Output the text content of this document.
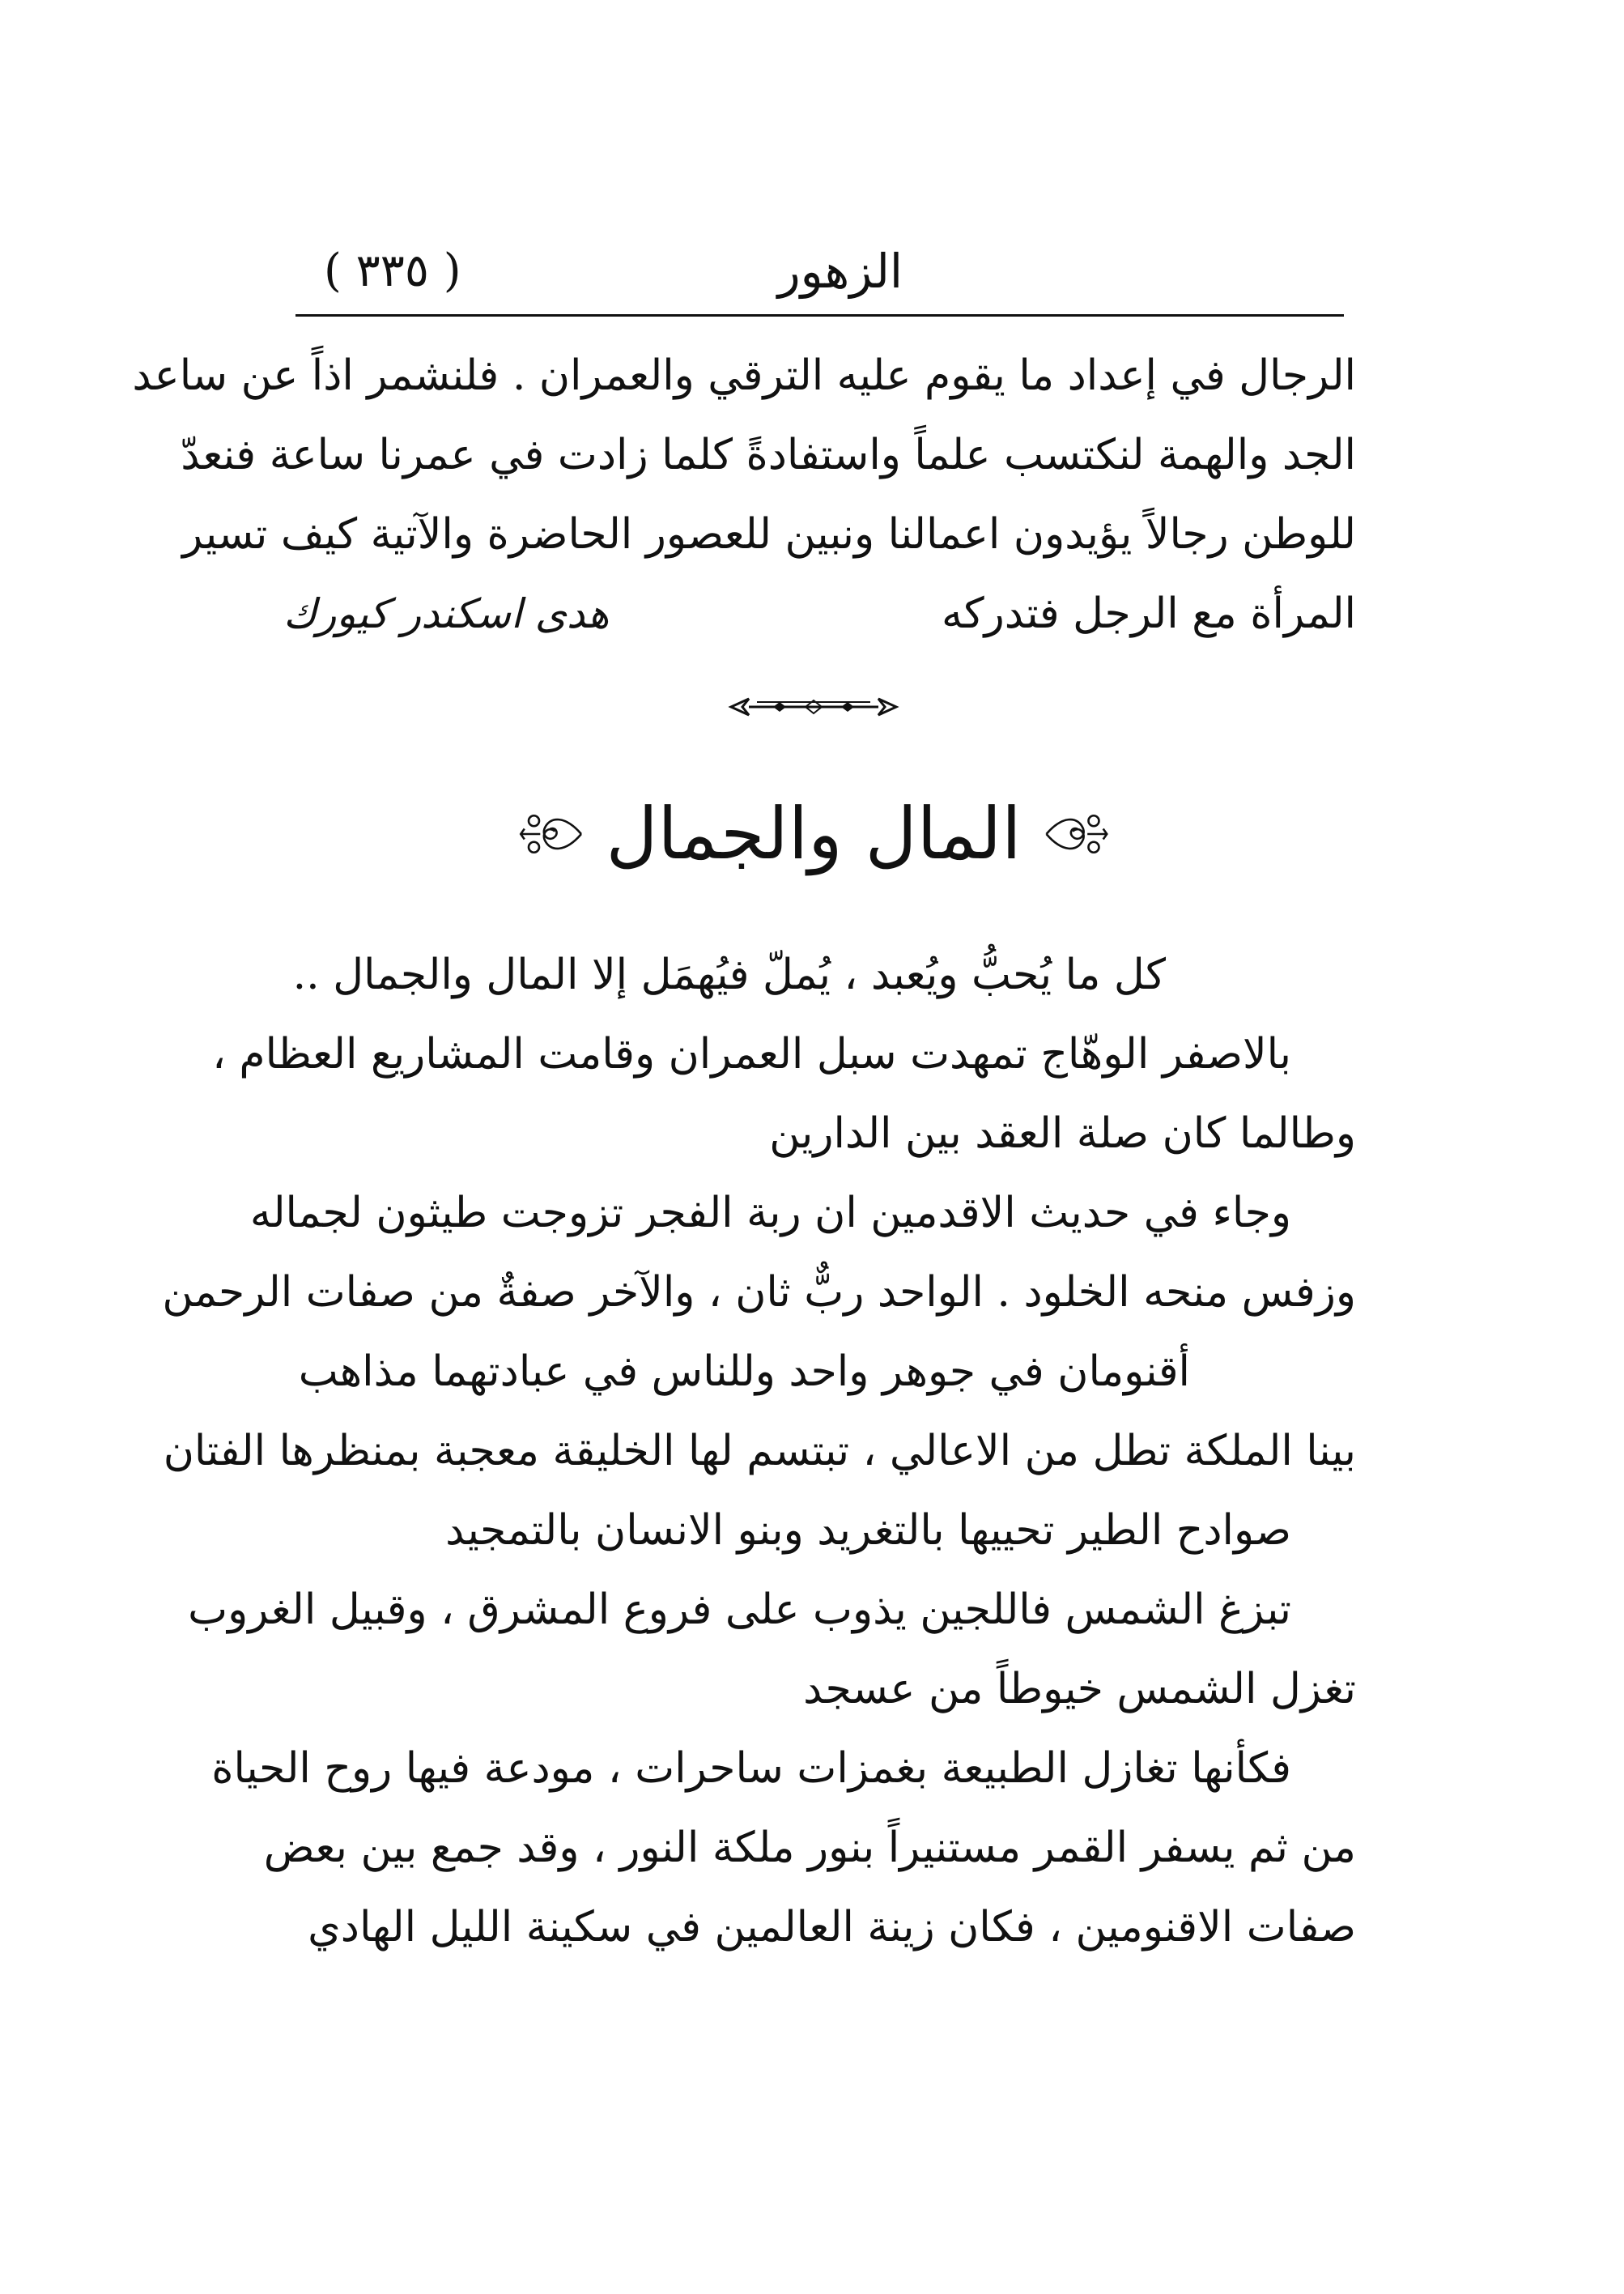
الزهور
( ٣٣٥ )
الرجال في إعداد ما يقوم عليه الترقي والعمران . فلنشمر اذاً عن ساعد
الجد والهمة لنكتسب علماً واستفادةً كلما زادت في عمرنا ساعة فنعدّ
للوطن رجالاً يؤيدون اعمالنا ونبين للعصور الحاضرة والآتية كيف تسير
المرأة مع الرجل فتدركه
هدى اسكندر كيورك
المال والجمال
كل ما يُحبُّ ويُعبد ، يُملّ فيُهمَل إلا المال والجمال ..
بالاصفر الوهّاج تمهدت سبل العمران وقامت المشاريع العظام ،
وطالما كان صلة العقد بين الدارين
وجاء في حديث الاقدمين ان ربة الفجر تزوجت طيثون لجماله
وزفس منحه الخلود . الواحد ربٌّ ثان ، والآخر صفةٌ من صفات الرحمن
أقنومان في جوهر واحد وللناس في عبادتهما مذاهب
بينا الملكة تطل من الاعالي ، تبتسم لها الخليقة معجبة بمنظرها الفتان
صوادح الطير تحييها بالتغريد وبنو الانسان بالتمجيد
تبزغ الشمس فاللجين يذوب على فروع المشرق ، وقبيل الغروب
تغزل الشمس خيوطاً من عسجد
فكأنها تغازل الطبيعة بغمزات ساحرات ، مودعة فيها روح الحياة
من ثم يسفر القمر مستنيراً بنور ملكة النور ، وقد جمع بين بعض
صفات الاقنومين ، فكان زينة العالمين في سكينة الليل الهادي
